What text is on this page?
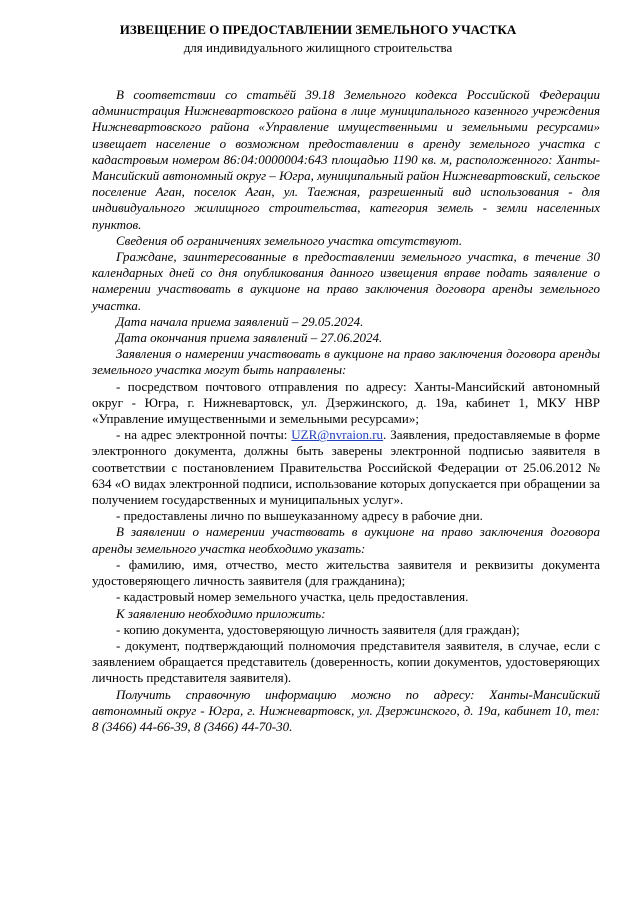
ИЗВЕЩЕНИЕ О ПРЕДОСТАВЛЕНИИ ЗЕМЕЛЬНОГО УЧАСТКА
для индивидуального жилищного строительства

В соответствии со статьёй 39.18 Земельного кодекса Российской Федерации администрация Нижневартовского района в лице муниципального казенного учреждения Нижневартовского района «Управление имущественными и земельными ресурсами» извещает население о возможном предоставлении в аренду земельного участка с кадастровым номером 86:04:0000004:643 площадью 1190 кв. м, расположенного: Ханты-Мансийский автономный округ – Югра, муниципальный район Нижневартовский, сельское поселение Аган, поселок Аган, ул. Таежная, разрешенный вид использования - для индивидуального жилищного строительства, категория земель - земли населенных пунктов.

Сведения об ограничениях земельного участка отсутствуют.

Граждане, заинтересованные в предоставлении земельного участка, в течение 30 календарных дней со дня опубликования данного извещения вправе подать заявление о намерении участвовать в аукционе на право заключения договора аренды земельного участка.

Дата начала приема заявлений – 29.05.2024.

Дата окончания приема заявлений – 27.06.2024.

Заявления о намерении участвовать в аукционе на право заключения договора аренды земельного участка могут быть направлены:

- посредством почтового отправления по адресу: Ханты-Мансийский автономный округ - Югра, г. Нижневартовск, ул. Дзержинского, д. 19а, кабинет 1, МКУ НВР «Управление имущественными и земельными ресурсами»;

- на адрес электронной почты: UZR@nvraion.ru. Заявления, предоставляемые в форме электронного документа, должны быть заверены электронной подписью заявителя в соответствии с постановлением Правительства Российской Федерации от 25.06.2012 № 634 «О видах электронной подписи, использование которых допускается при обращении за получением государственных и муниципальных услуг».

- предоставлены лично по вышеуказанному адресу в рабочие дни.

В заявлении о намерении участвовать в аукционе на право заключения договора аренды земельного участка необходимо указать:

- фамилию, имя, отчество, место жительства заявителя и реквизиты документа удостоверяющего личность заявителя (для гражданина);

- кадастровый номер земельного участка, цель предоставления.

К заявлению необходимо приложить:

- копию документа, удостоверяющую личность заявителя (для граждан);

- документ, подтверждающий полномочия представителя заявителя, в случае, если с заявлением обращается представитель (доверенность, копии документов, удостоверяющих личность представителя заявителя).

Получить справочную информацию можно по адресу: Ханты-Мансийский автономный округ - Югра, г. Нижневартовск, ул. Дзержинского, д. 19а, кабинет 10, тел: 8 (3466) 44-66-39, 8 (3466) 44-70-30.
